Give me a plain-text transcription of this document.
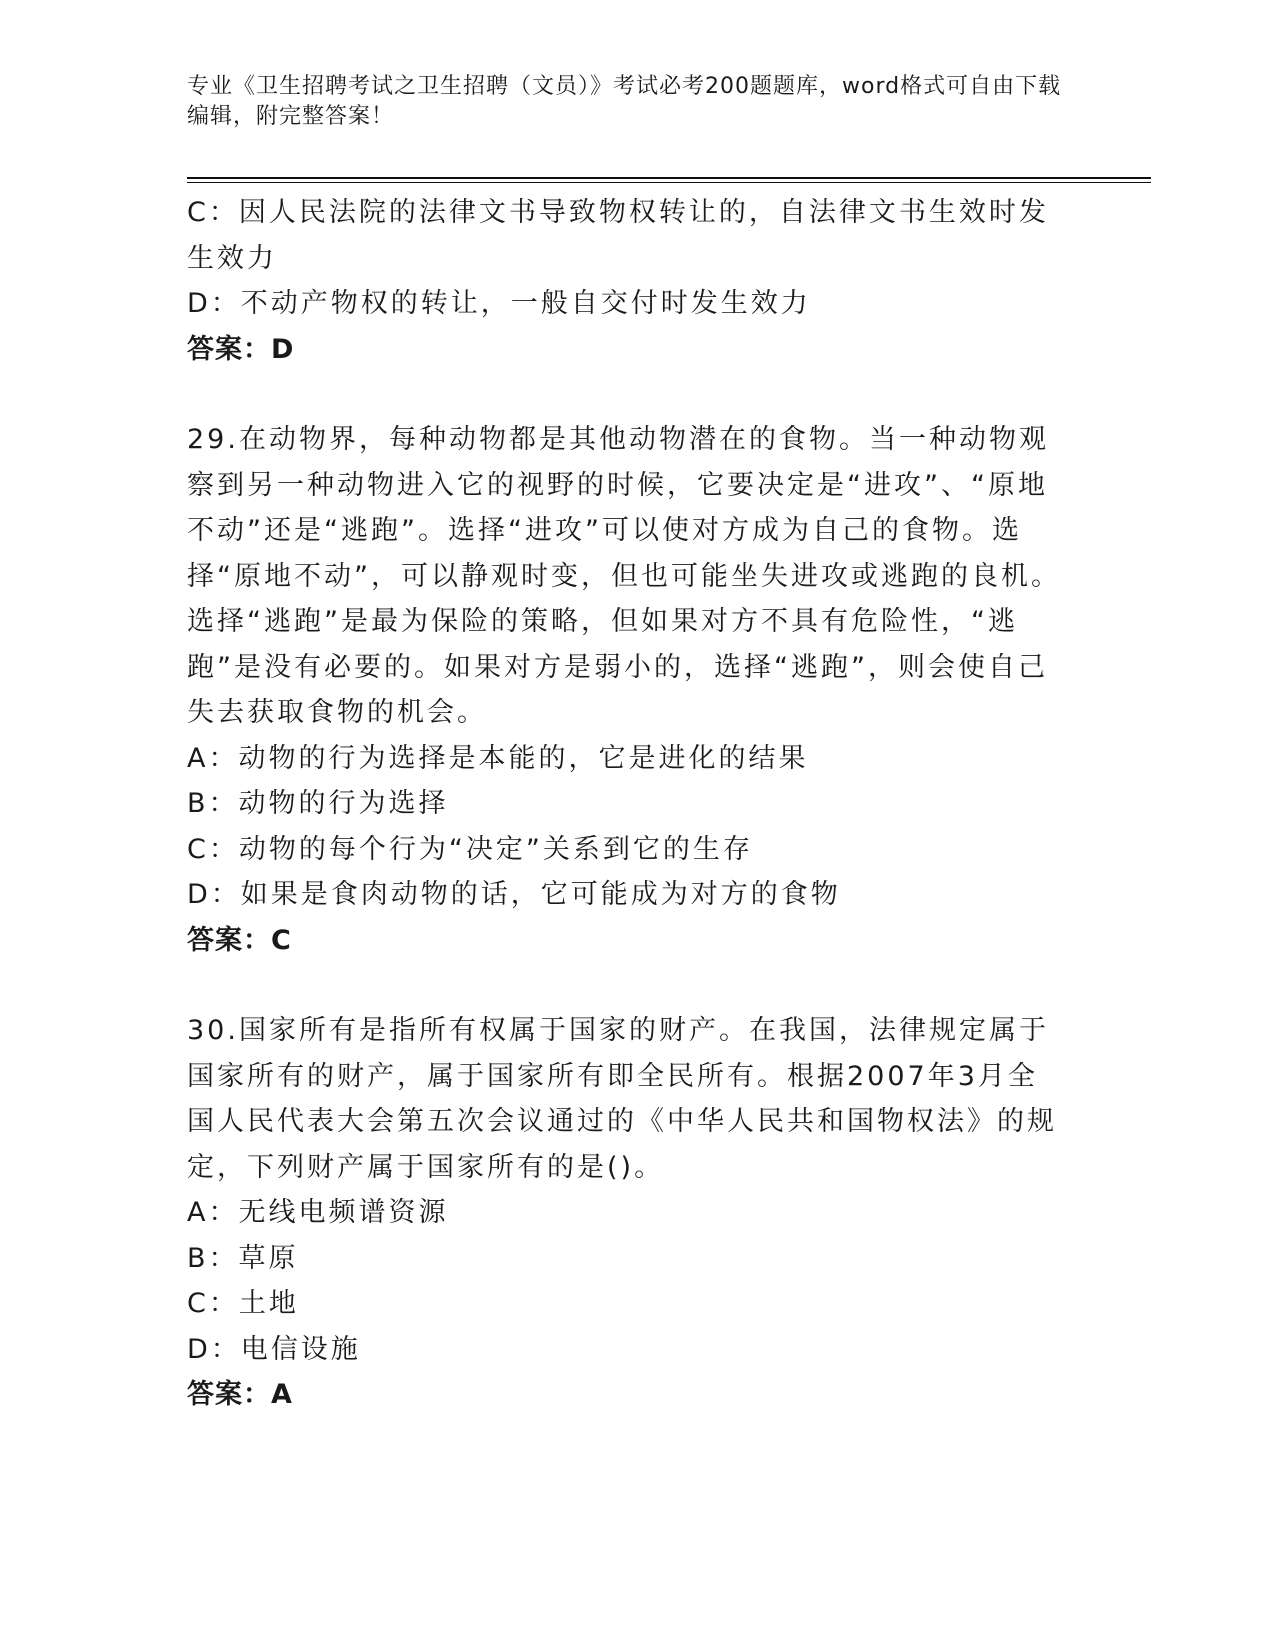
专业《卫生招聘考试之卫生招聘（文员）》考试必考200题题库，word格式可自由下载编辑，附完整答案！
C：因人民法院的法律文书导致物权转让的，自法律文书生效时发生效力
D：不动产物权的转让，一般自交付时发生效力
答案：D
29.在动物界，每种动物都是其他动物潜在的食物。当一种动物观察到另一种动物进入它的视野的时候，它要决定是“进攻”、“原地不动”还是“逃跑”。选择“进攻”可以使对方成为自己的食物。选择“原地不动”，可以静观时变，但也可能坐失进攻或逃跑的良机。选择“逃跑”是最为保险的策略，但如果对方不具有危险性，“逃跑”是没有必要的。如果对方是弱小的，选择“逃跑”，则会使自己失去获取食物的机会。
A：动物的行为选择是本能的，它是进化的结果
B：动物的行为选择
C：动物的每个行为“决定”关系到它的生存
D：如果是食肉动物的话，它可能成为对方的食物
答案：C
30.国家所有是指所有权属于国家的财产。在我国，法律规定属于国家所有的财产，属于国家所有即全民所有。根据2007年3月全国人民代表大会第五次会议通过的《中华人民共和国物权法》的规定，下列财产属于国家所有的是()。
A：无线电频谱资源
B：草原
C：土地
D：电信设施
答案：A
